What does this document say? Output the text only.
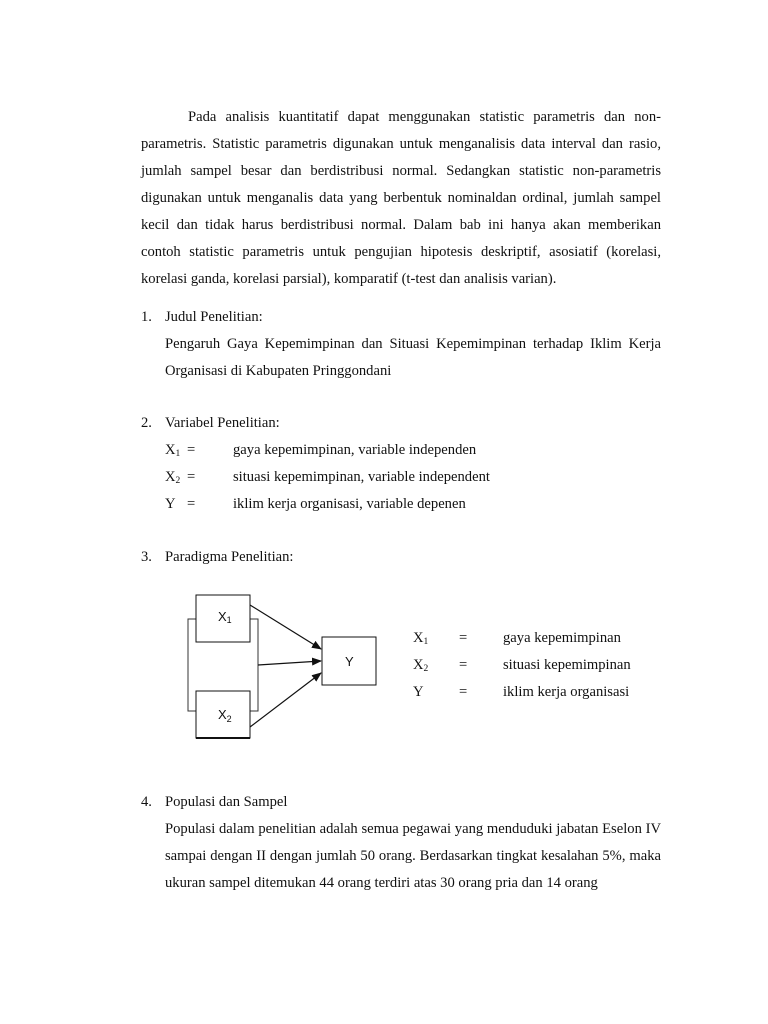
Pada analisis kuantitatif dapat menggunakan statistic parametris dan non-parametris. Statistic parametris digunakan untuk menganalisis data interval dan rasio, jumlah sampel besar dan berdistribusi normal. Sedangkan statistic non-parametris digunakan untuk menganalis data yang berbentuk nominaldan ordinal, jumlah sampel kecil dan tidak harus berdistribusi normal. Dalam bab ini hanya akan memberikan contoh statistic parametris untuk pengujian hipotesis deskriptif, asosiatif (korelasi, korelasi ganda, korelasi parsial), komparatif (t-test dan analisis varian).

1. Judul Penelitian:
Pengaruh Gaya Kepemimpinan dan Situasi Kepemimpinan terhadap Iklim Kerja Organisasi di Kabupaten Pringgondani
2. Variabel Penelitian:
$X_1$ =	gaya kepemimpinan, variable independen
$X_2$ =	situasi kepemimpinan, variable independent
Y =	iklim kerja organisasi, variable depenen
3. Paradigma Penelitian:
X1
$X_2$
Y
$X_1$ = gaya kepemimpinan
$X_2$ = situasi kepemimpinan
Y = iklim kerja organisasi
4. Populasi dan Sampel
Populasi dalam penelitian adalah semua pegawai yang menduduki jabatan Eselon IV sampai dengan II dengan jumlah 50 orang. Berdasarkan tingkat kesalahan 5%, maka ukuran sampel ditemukan 44 orang terdiri atas 30 orang pria dan 14 orang
